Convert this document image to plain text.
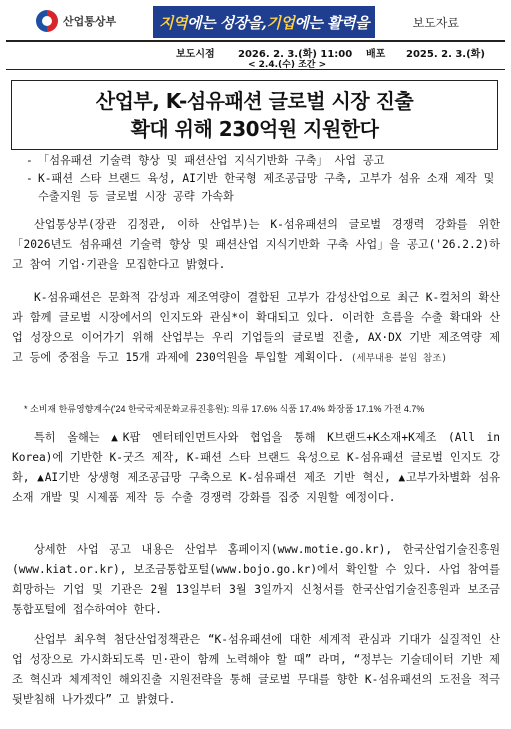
산업통상부	지역 에는 성장을, 기업 에는 활력을	보도자료
보도시점 2026. 2. 3.(화) 11:00
< 2.4.(수) 조간 >
배포 2025. 2. 3.(화)
산업부, K-섬유패션 글로벌 시장 진출
확대 위해 230억원 지원한다
- 「섬유패션 기술력 향상 및 패션산업 지식기반화 구축」 사업 공고
- K-패션 스타 브랜드 육성, AI기반 한국형 제조공급망 구축, 고부가 섬유 소재 제작 및 수출지원 등 글로벌 시장 공략 가속화

산업통상부(장관 김정관, 이하 산업부)는 K-섬유패션의 글로벌 경쟁력 강화를 위한 「2026년도 섬유패션 기술력 향상 및 패션산업 지식기반화 구축 사업」을 공고('26.2.2)하고 참여 기업·기관을 모집한다고 밝혔다.

K-섬유패션은 문화적 감성과 제조역량이 결합된 고부가 감성산업으로 최근 K-컬처의 확산과 함께 글로벌 시장에서의 인지도와 관심*이 확대되고 있다. 이러한 흐름을 수출 확대와 산업 성장으로 이어가기 위해 산업부는 우리 기업들의 글로벌 진출, AX·DX 기반 제조역량 제고 등에 중점을 두고 15개 과제에 230억원을 투입할 계획이다. (세부내용 붙임 참조)

* 소비재 한류영향계수('24 한국국제문화교류진흥원): 의류 17.6% 식품 17.4% 화장품 17.1% 가전 4.7%

특히 올해는 ▲K팝 엔터테인먼트사와 협업을 통해 K브랜드+K소재+K제조 (All in Korea)에 기반한 K-굿즈 제작, K-패션 스타 브랜드 육성으로 K-섬유패션 글로벌 인지도 강화, ▲AI기반 상생형 제조공급망 구축으로 K-섬유패션 제조 기반 혁신, ▲고부가차별화 섬유 소재 개발 및 시제품 제작 등 수출 경쟁력 강화를 집중 지원할 예정이다.

상세한 사업 공고 내용은 산업부 홈페이지(www.motie.go.kr), 한국산업기술진흥원(www.kiat.or.kr), 보조금통합포털(www.bojo.go.kr)에서 확인할 수 있다. 사업 참여를 희망하는 기업 및 기관은 2월 13일부터 3월 3일까지 신청서를 한국산업기술진흥원과 보조금통합포털에 접수하여야 한다.

산업부 최우혁 첨단산업정책관은 “K-섬유패션에 대한 세계적 관심과 기대가 실질적인 산업 성장으로 가시화되도록 민·관이 함께 노력해야 할 때” 라며, “정부는 기술데이터 기반 제조 혁신과 체계적인 해외진출 지원전략을 통해 글로벌 무대를 향한 K-섬유패션의 도전을 적극 뒷받침해 나가겠다” 고 밝혔다.
